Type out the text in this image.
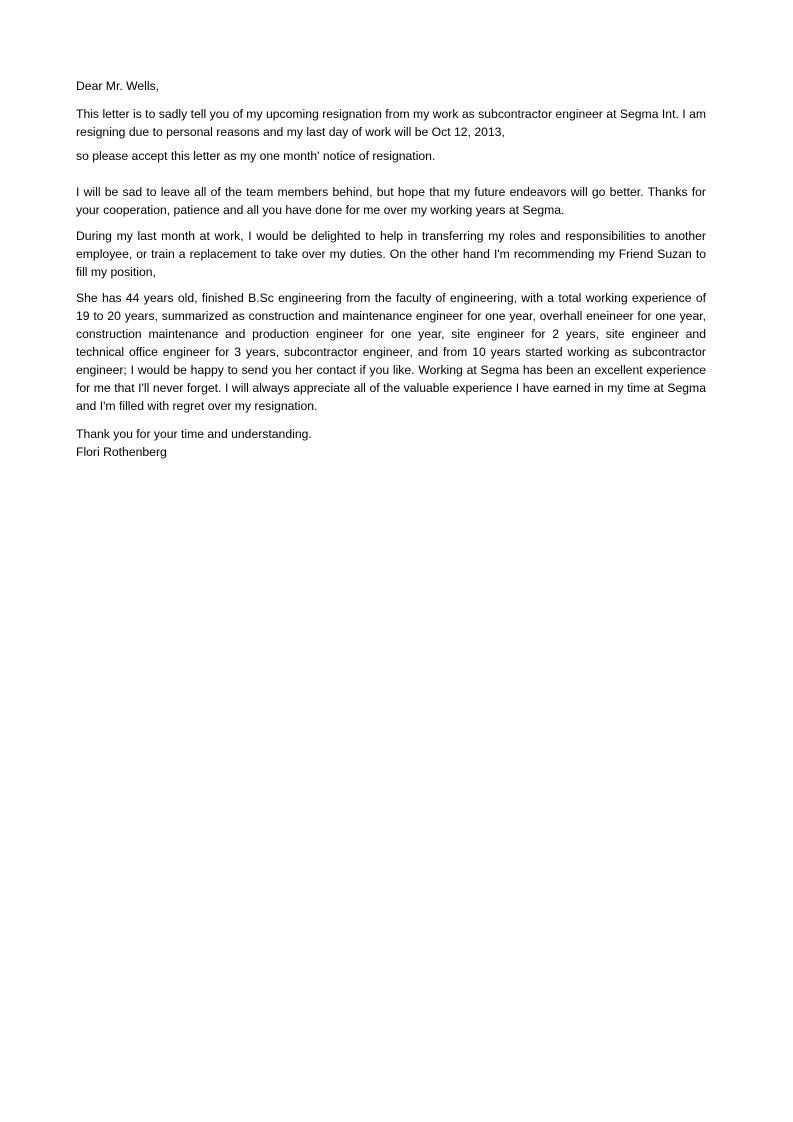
Dear Mr. Wells,

This letter is to sadly tell you of my upcoming resignation from my work as subcontractor engineer at Segma Int. I am resigning due to personal reasons and my last day of work will be Oct 12, 2013,

so please accept this letter as my one month' notice of resignation.

I will be sad to leave all of the team members behind, but hope that my future endeavors will go better. Thanks for your cooperation, patience and all you have done for me over my working years at Segma.

During my last month at work, I would be delighted to help in transferring my roles and responsibilities to another employee, or train a replacement to take over my duties. On the other hand I'm recommending my Friend Suzan to fill my position,

She has 44 years old, finished B.Sc engineering from the faculty of engineering, with a total working experience of 19 to 20 years, summarized as construction and maintenance engineer for one year, overhall eneineer for one year, construction maintenance and production engineer for one year, site engineer for 2 years, site engineer and technical office engineer for 3 years, subcontractor engineer, and from 10 years started working as subcontractor engineer; I would be happy to send you her contact if you like. Working at Segma has been an excellent experience for me that I'll never forget. I will always appreciate all of the valuable experience I have earned in my time at Segma and I'm filled with regret over my resignation.

Thank you for your time and understanding.

Flori Rothenberg
